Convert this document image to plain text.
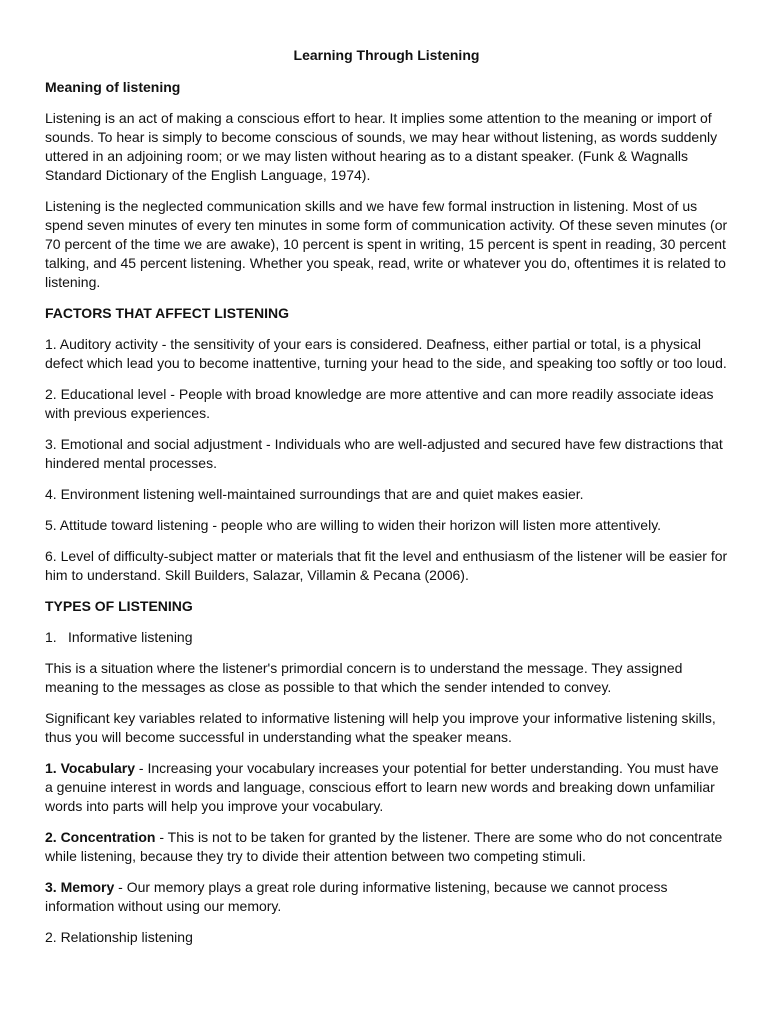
Learning Through Listening
Meaning of listening

Listening is an act of making a conscious effort to hear. It implies some attention to the meaning or import of sounds. To hear is simply to become conscious of sounds, we may hear without listening, as words suddenly uttered in an adjoining room; or we may listen without hearing as to a distant speaker. (Funk & Wagnalls Standard Dictionary of the English Language, 1974).

Listening is the neglected communication skills and we have few formal instruction in listening. Most of us spend seven minutes of every ten minutes in some form of communication activity. Of these seven minutes (or 70 percent of the time we are awake), 10 percent is spent in writing, 15 percent is spent in reading, 30 percent talking, and 45 percent listening. Whether you speak, read, write or whatever you do, oftentimes it is related to listening.

FACTORS THAT AFFECT LISTENING

1. Auditory activity - the sensitivity of your ears is considered. Deafness, either partial or total, is a physical defect which lead you to become inattentive, turning your head to the side, and speaking too softly or too loud.

2. Educational level - People with broad knowledge are more attentive and can more readily associate ideas with previous experiences.

3. Emotional and social adjustment - Individuals who are well-adjusted and secured have few distractions that hindered mental processes.

4. Environment listening well-maintained surroundings that are and quiet makes easier.

5. Attitude toward listening - people who are willing to widen their horizon will listen more attentively.

6. Level of difficulty-subject matter or materials that fit the level and enthusiasm of the listener will be easier for him to understand. Skill Builders, Salazar, Villamin & Pecana (2006).

TYPES OF LISTENING

1. Informative listening

This is a situation where the listener's primordial concern is to understand the message. They assigned meaning to the messages as close as possible to that which the sender intended to convey.

Significant key variables related to informative listening will help you improve your informative listening skills, thus you will become successful in understanding what the speaker means.

1. Vocabulary - Increasing your vocabulary increases your potential for better understanding. You must have a genuine interest in words and language, conscious effort to learn new words and breaking down unfamiliar words into parts will help you improve your vocabulary.

2. Concentration - This is not to be taken for granted by the listener. There are some who do not concentrate while listening, because they try to divide their attention between two competing stimuli.

3. Memory - Our memory plays a great role during informative listening, because we cannot process information without using our memory.

2. Relationship listening
